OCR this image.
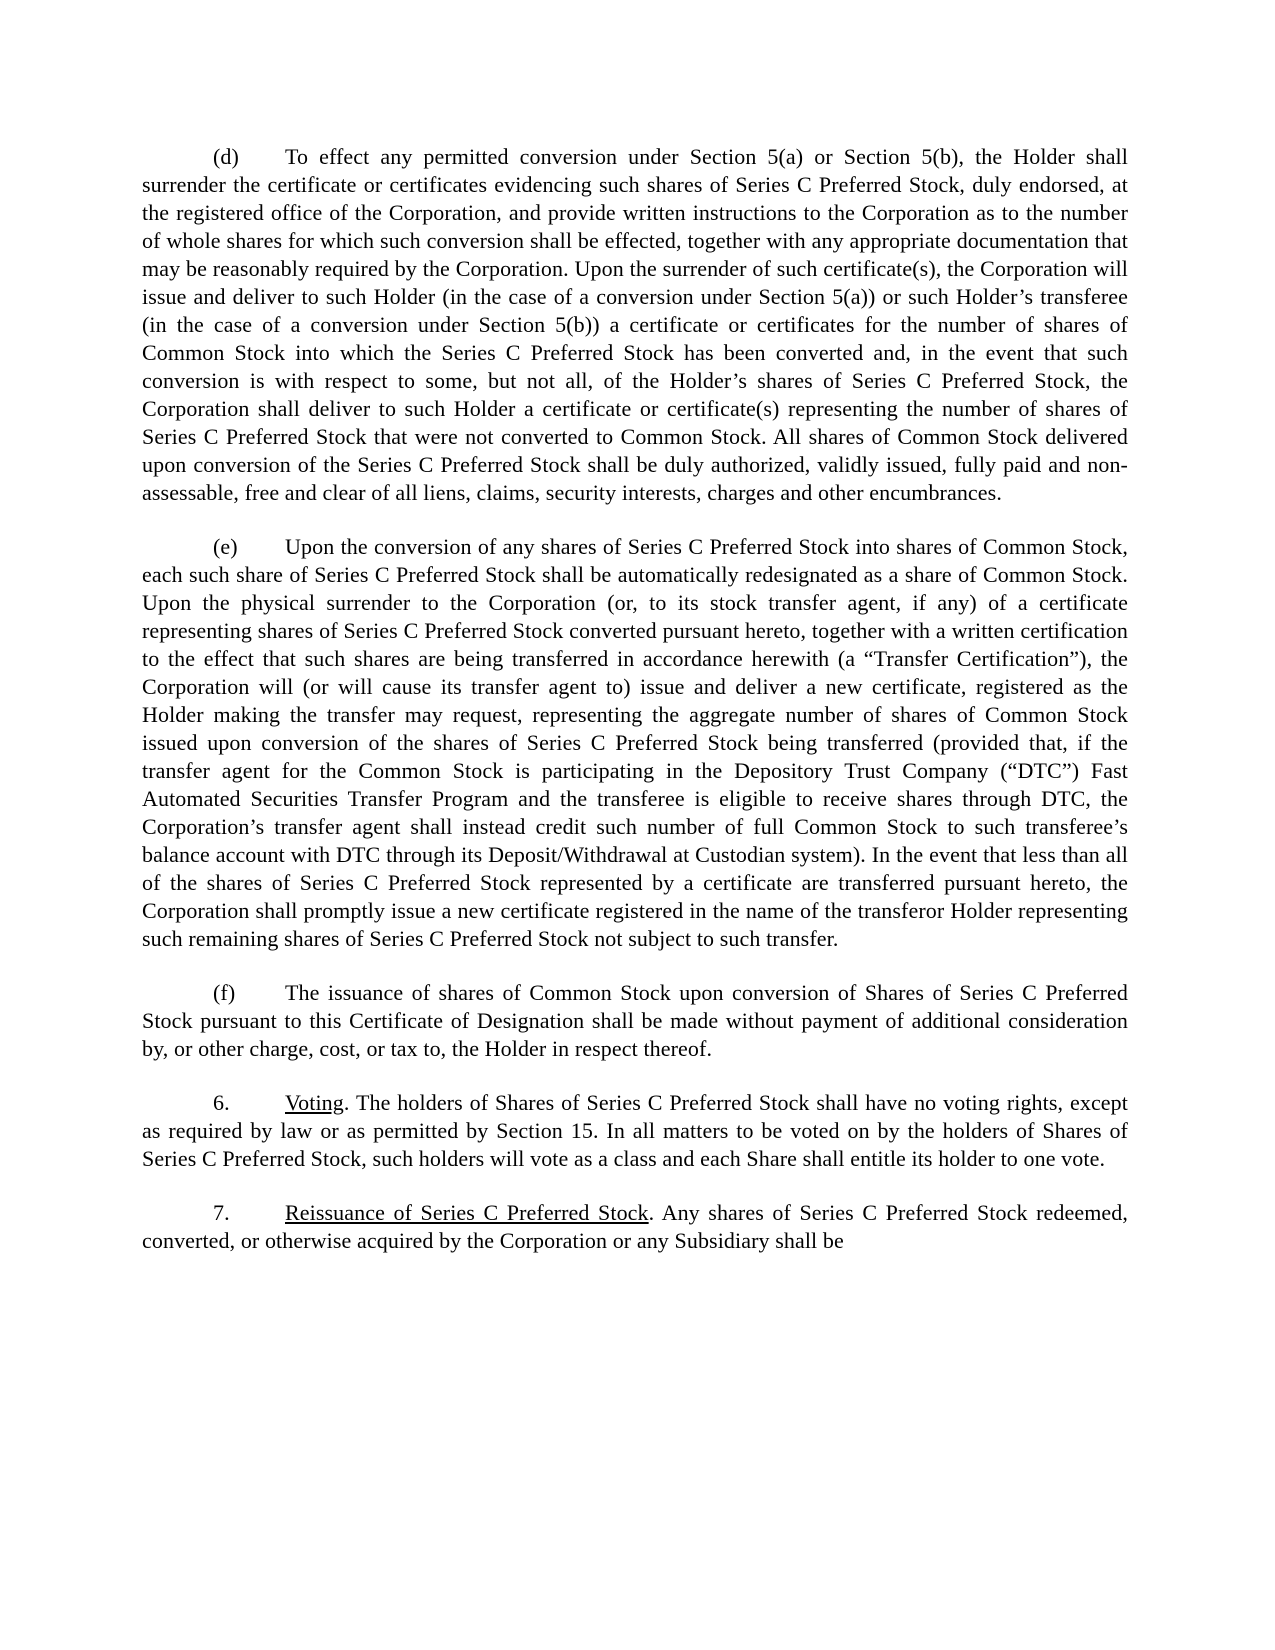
(d) To effect any permitted conversion under Section 5(a) or Section 5(b), the Holder shall surrender the certificate or certificates evidencing such shares of Series C Preferred Stock, duly endorsed, at the registered office of the Corporation, and provide written instructions to the Corporation as to the number of whole shares for which such conversion shall be effected, together with any appropriate documentation that may be reasonably required by the Corporation. Upon the surrender of such certificate(s), the Corporation will issue and deliver to such Holder (in the case of a conversion under Section 5(a)) or such Holder’s transferee (in the case of a conversion under Section 5(b)) a certificate or certificates for the number of shares of Common Stock into which the Series C Preferred Stock has been converted and, in the event that such conversion is with respect to some, but not all, of the Holder’s shares of Series C Preferred Stock, the Corporation shall deliver to such Holder a certificate or certificate(s) representing the number of shares of Series C Preferred Stock that were not converted to Common Stock. All shares of Common Stock delivered upon conversion of the Series C Preferred Stock shall be duly authorized, validly issued, fully paid and non-assessable, free and clear of all liens, claims, security interests, charges and other encumbrances.

(e) Upon the conversion of any shares of Series C Preferred Stock into shares of Common Stock, each such share of Series C Preferred Stock shall be automatically redesignated as a share of Common Stock. Upon the physical surrender to the Corporation (or, to its stock transfer agent, if any) of a certificate representing shares of Series C Preferred Stock converted pursuant hereto, together with a written certification to the effect that such shares are being transferred in accordance herewith (a “Transfer Certification”), the Corporation will (or will cause its transfer agent to) issue and deliver a new certificate, registered as the Holder making the transfer may request, representing the aggregate number of shares of Common Stock issued upon conversion of the shares of Series C Preferred Stock being transferred (provided that, if the transfer agent for the Common Stock is participating in the Depository Trust Company (“DTC”) Fast Automated Securities Transfer Program and the transferee is eligible to receive shares through DTC, the Corporation’s transfer agent shall instead credit such number of full Common Stock to such transferee’s balance account with DTC through its Deposit/Withdrawal at Custodian system). In the event that less than all of the shares of Series C Preferred Stock represented by a certificate are transferred pursuant hereto, the Corporation shall promptly issue a new certificate registered in the name of the transferor Holder representing such remaining shares of Series C Preferred Stock not subject to such transfer.

(f) The issuance of shares of Common Stock upon conversion of Shares of Series C Preferred Stock pursuant to this Certificate of Designation shall be made without payment of additional consideration by, or other charge, cost, or tax to, the Holder in respect thereof.

6.	Voting. The holders of Shares of Series C Preferred Stock shall have no voting rights, except as required by law or as permitted by Section 15. In all matters to be voted on by the holders of Shares of Series C Preferred Stock, such holders will vote as a class and each Share shall entitle its holder to one vote.

7.	Reissuance of Series C Preferred Stock. Any shares of Series C Preferred Stock redeemed, converted, or otherwise acquired by the Corporation or any Subsidiary shall be
